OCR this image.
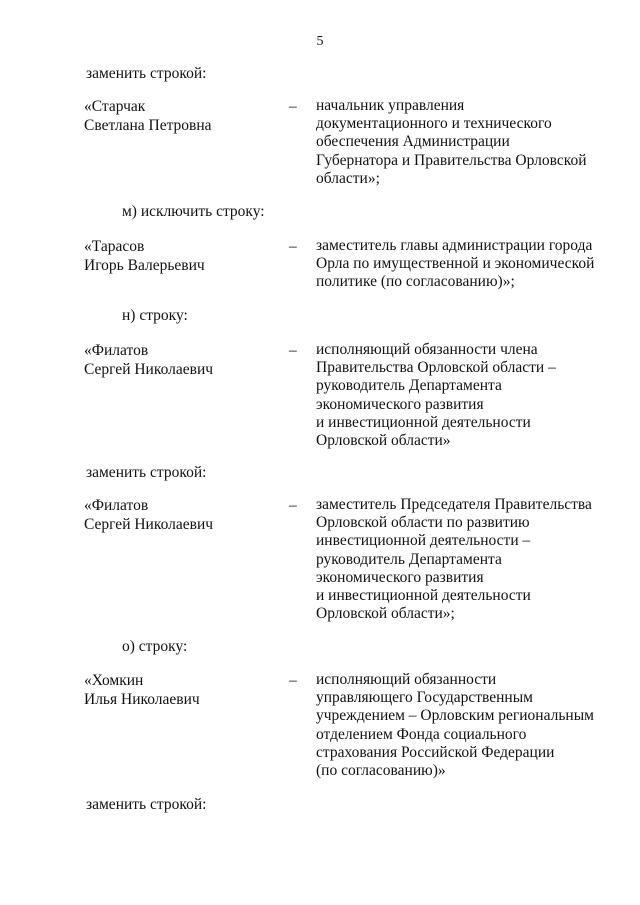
5
заменить строкой:
«Старчак
Светлана Петровна
– начальник управления
документационного и технического
обеспечения Администрации
Губернатора и Правительства Орловской
области»;
м) исключить строку:
«Тарасов
Игорь Валерьевич
– заместитель главы администрации города
Орла по имущественной и экономической
политике (по согласованию)»;
н) строку:
«Филатов
Сергей Николаевич
– исполняющий обязанности члена
Правительства Орловской области –
руководитель Департамента
экономического развития
и инвестиционной деятельности
Орловской области»
заменить строкой:
«Филатов
Сергей Николаевич
– заместитель Председателя Правительства
Орловской области по развитию
инвестиционной деятельности –
руководитель Департамента
экономического развития
и инвестиционной деятельности
Орловской области»;
о) строку:
«Хомкин
Илья Николаевич
– исполняющий обязанности
управляющего Государственным
учреждением – Орловским региональным
отделением Фонда социального
страхования Российской Федерации
(по согласованию)»
заменить строкой:
